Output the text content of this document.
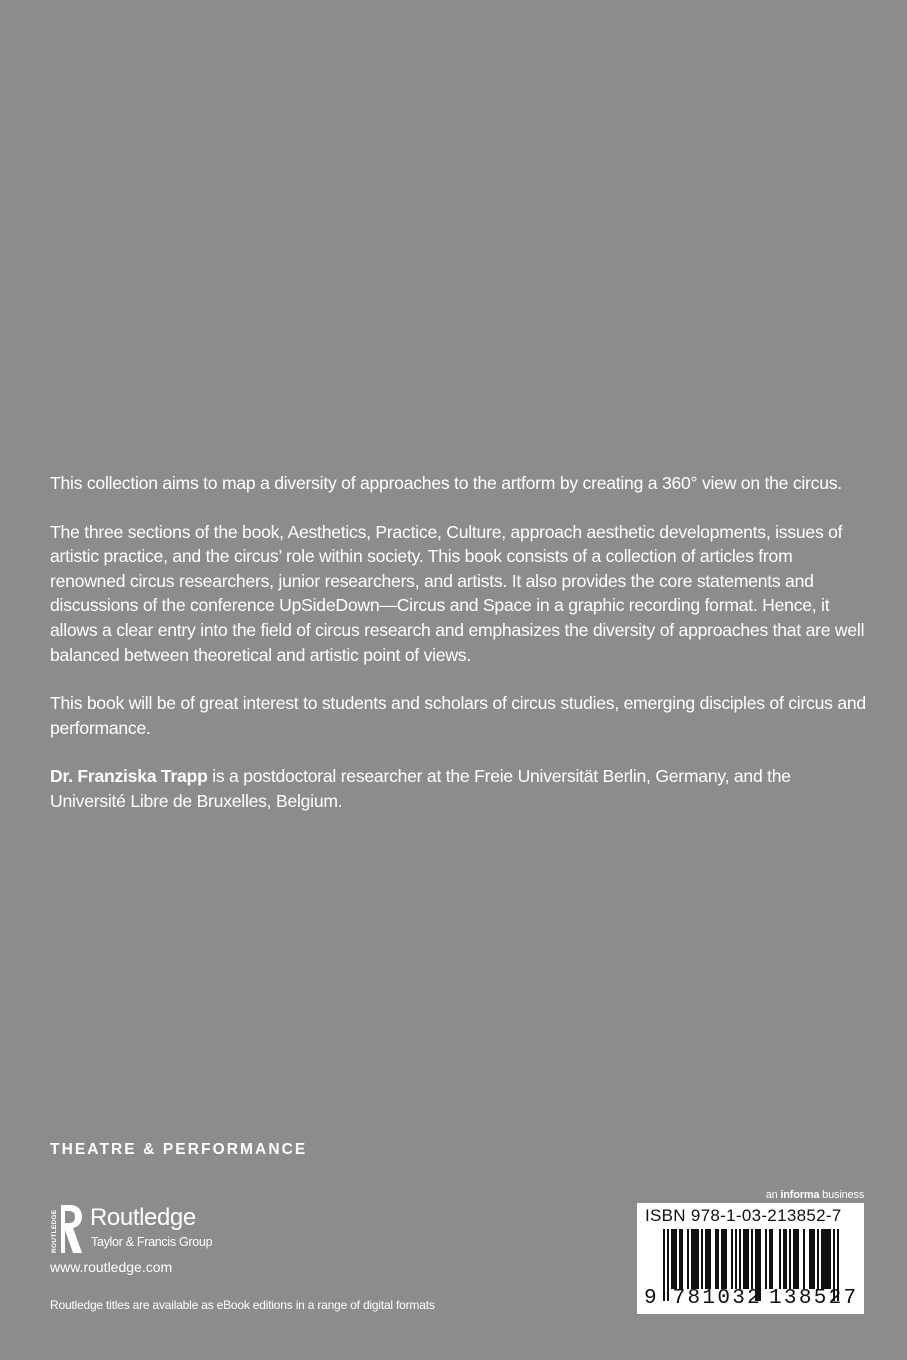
This collection aims to map a diversity of approaches to the artform by creating a 360° view on the circus.

The three sections of the book, Aesthetics, Practice, Culture, approach aesthetic developments, issues of artistic practice, and the circus’ role within society. This book consists of a collection of articles from renowned circus researchers, junior researchers, and artists. It also provides the core statements and discussions of the conference UpSideDown—Circus and Space in a graphic recording format. Hence, it allows a clear entry into the field of circus research and emphasizes the diversity of approaches that are well balanced between theoretical and artistic point of views.

This book will be of great interest to students and scholars of circus studies, emerging disciples of circus and performance.

Dr. Franziska Trapp is a postdoctoral researcher at the Freie Universität Berlin, Germany, and the Université Libre de Bruxelles, Belgium.

THEATRE & PERFORMANCE
ROUTLEDGE Routledge
Taylor & Francis Group
www.routledge.com
Routledge titles are available as eBook editions in a range of digital formats
an informa business
ISBN 978-1-03-213852-7
9 781032 138527
